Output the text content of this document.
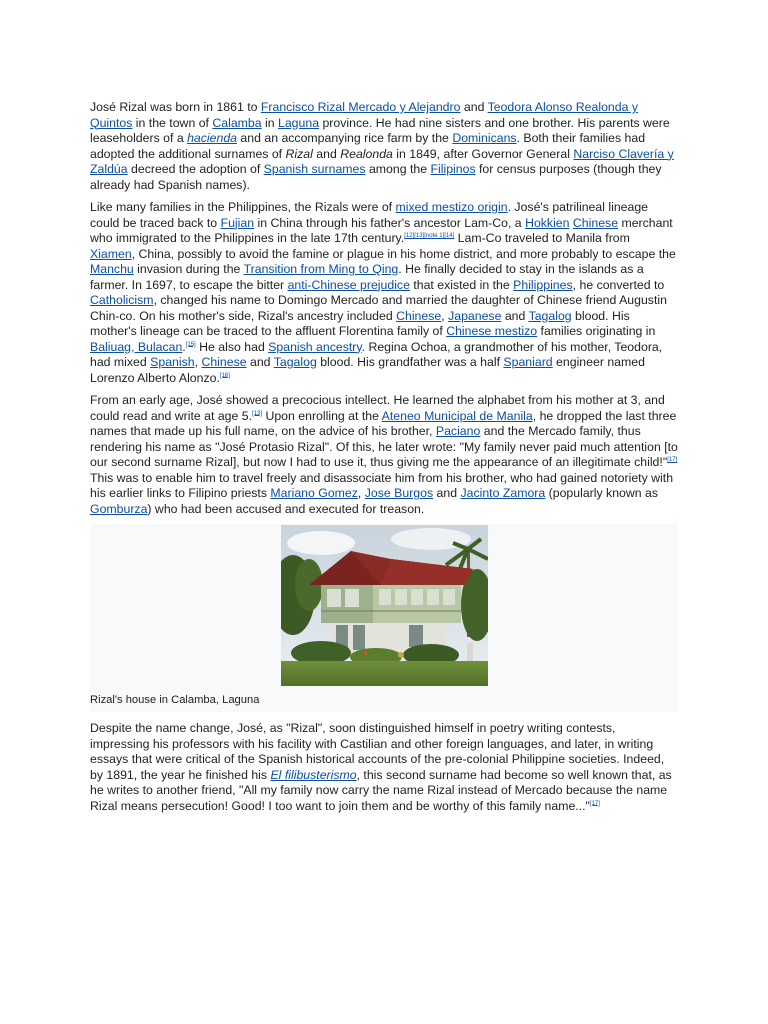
José Rizal was born in 1861 to Francisco Rizal Mercado y Alejandro and Teodora Alonso Realonda y Quintos in the town of Calamba in Laguna province. He had nine sisters and one brother. His parents were leaseholders of a hacienda and an accompanying rice farm by the Dominicans. Both their families had adopted the additional surnames of Rizal and Realonda in 1849, after Governor General Narciso Clavería y Zaldúa decreed the adoption of Spanish surnames among the Filipinos for census purposes (though they already had Spanish names).

Like many families in the Philippines, the Rizals were of mixed mestizo origin. José's patrilineal lineage could be traced back to Fujian in China through his father's ancestor Lam-Co, a Hokkien Chinese merchant who immigrated to the Philippines in the late 17th century.[12][13][note 1][14] Lam-Co traveled to Manila from Xiamen, China, possibly to avoid the famine or plague in his home district, and more probably to escape the Manchu invasion during the Transition from Ming to Qing. He finally decided to stay in the islands as a farmer. In 1697, to escape the bitter anti-Chinese prejudice that existed in the Philippines, he converted to Catholicism, changed his name to Domingo Mercado and married the daughter of Chinese friend Augustin Chin-co. On his mother's side, Rizal's ancestry included Chinese, Japanese and Tagalog blood. His mother's lineage can be traced to the affluent Florentina family of Chinese mestizo families originating in Baliuag, Bulacan.[15] He also had Spanish ancestry. Regina Ochoa, a grandmother of his mother, Teodora, had mixed Spanish, Chinese and Tagalog blood. His grandfather was a half Spaniard engineer named Lorenzo Alberto Alonzo.[16]

From an early age, José showed a precocious intellect. He learned the alphabet from his mother at 3, and could read and write at age 5.[13] Upon enrolling at the Ateneo Municipal de Manila, he dropped the last three names that made up his full name, on the advice of his brother, Paciano and the Mercado family, thus rendering his name as "José Protasio Rizal". Of this, he later wrote: "My family never paid much attention [to our second surname Rizal], but now I had to use it, thus giving me the appearance of an illegitimate child!"[17] This was to enable him to travel freely and disassociate him from his brother, who had gained notoriety with his earlier links to Filipino priests Mariano Gomez, Jose Burgos and Jacinto Zamora (popularly known as Gomburza) who had been accused and executed for treason.

Rizal's house in Calamba, Laguna

Despite the name change, José, as "Rizal", soon distinguished himself in poetry writing contests, impressing his professors with his facility with Castilian and other foreign languages, and later, in writing essays that were critical of the Spanish historical accounts of the pre-colonial Philippine societies. Indeed, by 1891, the year he finished his El filibusterismo, this second surname had become so well known that, as he writes to another friend, "All my family now carry the name Rizal instead of Mercado because the name Rizal means persecution! Good! I too want to join them and be worthy of this family name..."[17]
